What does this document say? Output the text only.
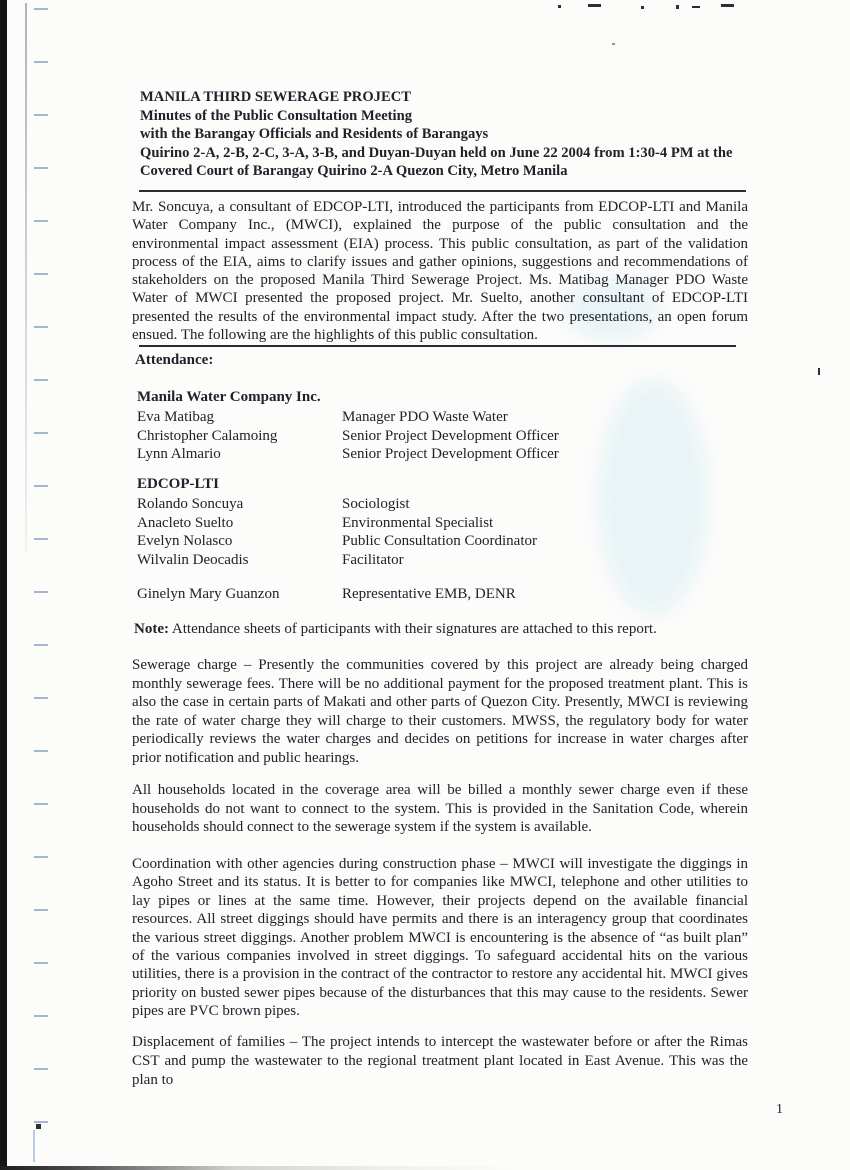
MANILA THIRD SEWERAGE PROJECT
Minutes of the Public Consultation Meeting
with the Barangay Officials and Residents of Barangays
Quirino 2-A, 2-B, 2-C, 3-A, 3-B, and Duyan-Duyan held on June 22 2004 from 1:30-4 PM at the
Covered Court of Barangay Quirino 2-A Quezon City, Metro Manila
Mr. Soncuya, a consultant of EDCOP-LTI, introduced the participants from EDCOP-LTI and Manila Water Company Inc., (MWCI), explained the purpose of the public consultation and the environmental impact assessment (EIA) process. This public consultation, as part of the validation process of the EIA, aims to clarify issues and gather opinions, suggestions and recommendations of stakeholders on the proposed Manila Third Sewerage Project. Ms. Matibag Manager PDO Waste Water of MWCI presented the proposed project. Mr. Suelto, another consultant of EDCOP-LTI presented the results of the environmental impact study. After the two presentations, an open forum ensued. The following are the highlights of this public consultation.
Attendance:
Manila Water Company Inc.
Eva Matibag	Manager PDO Waste Water
Christopher Calamoing	Senior Project Development Officer
Lynn Almario	Senior Project Development Officer
EDCOP-LTI
Rolando Soncuya	Sociologist
Anacleto Suelto	Environmental Specialist
Evelyn Nolasco	Public Consultation Coordinator
Wilvalin Deocadis	Facilitator
Ginelyn Mary Guanzon	Representative EMB, DENR
Note: Attendance sheets of participants with their signatures are attached to this report.
Sewerage charge – Presently the communities covered by this project are already being charged monthly sewerage fees. There will be no additional payment for the proposed treatment plant. This is also the case in certain parts of Makati and other parts of Quezon City. Presently, MWCI is reviewing the rate of water charge they will charge to their customers. MWSS, the regulatory body for water periodically reviews the water charges and decides on petitions for increase in water charges after prior notification and public hearings.
All households located in the coverage area will be billed a monthly sewer charge even if these households do not want to connect to the system. This is provided in the Sanitation Code, wherein households should connect to the sewerage system if the system is available.
Coordination with other agencies during construction phase – MWCI will investigate the diggings in Agoho Street and its status. It is better to for companies like MWCI, telephone and other utilities to lay pipes or lines at the same time. However, their projects depend on the available financial resources. All street diggings should have permits and there is an interagency group that coordinates the various street diggings. Another problem MWCI is encountering is the absence of “as built plan” of the various companies involved in street diggings. To safeguard accidental hits on the various utilities, there is a provision in the contract of the contractor to restore any accidental hit. MWCI gives priority on busted sewer pipes because of the disturbances that this may cause to the residents. Sewer pipes are PVC brown pipes.
Displacement of families – The project intends to intercept the wastewater before or after the Rimas CST and pump the wastewater to the regional treatment plant located in East Avenue. This was the plan to
1
